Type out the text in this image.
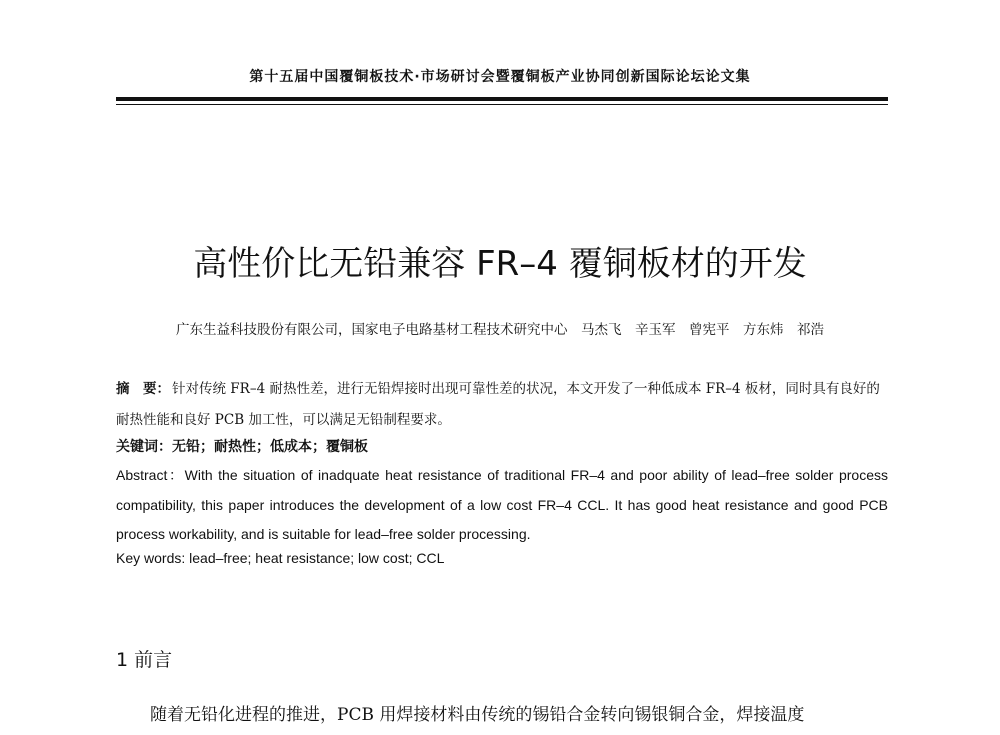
第十五届中国覆铜板技术·市场研讨会暨覆铜板产业协同创新国际论坛论文集
高性价比无铅兼容 FR–4 覆铜板材的开发
广东生益科技股份有限公司，国家电子电路基材工程技术研究中心　马杰飞　辛玉军　曾宪平　方东炜　祁浩
摘　要： 针对传统 FR–4 耐热性差，进行无铅焊接时出现可靠性差的状况，本文开发了一种低成本 FR–4 板材，同时具有良好的耐热性能和良好 PCB 加工性，可以满足无铅制程要求。
关键词：无铅；耐热性；低成本；覆铜板
Abstract：With the situation of inadquate heat resistance of traditional FR–4 and poor ability of lead–free solder process compatibility, this paper introduces the development of a low cost FR–4 CCL. It has good heat resistance and good PCB process workability, and is suitable for lead–free solder processing.
Key words: lead–free; heat resistance; low cost; CCL
1 前言
随着无铅化进程的推进，PCB 用焊接材料由传统的锡铅合金转向锡银铜合金，焊接温度
